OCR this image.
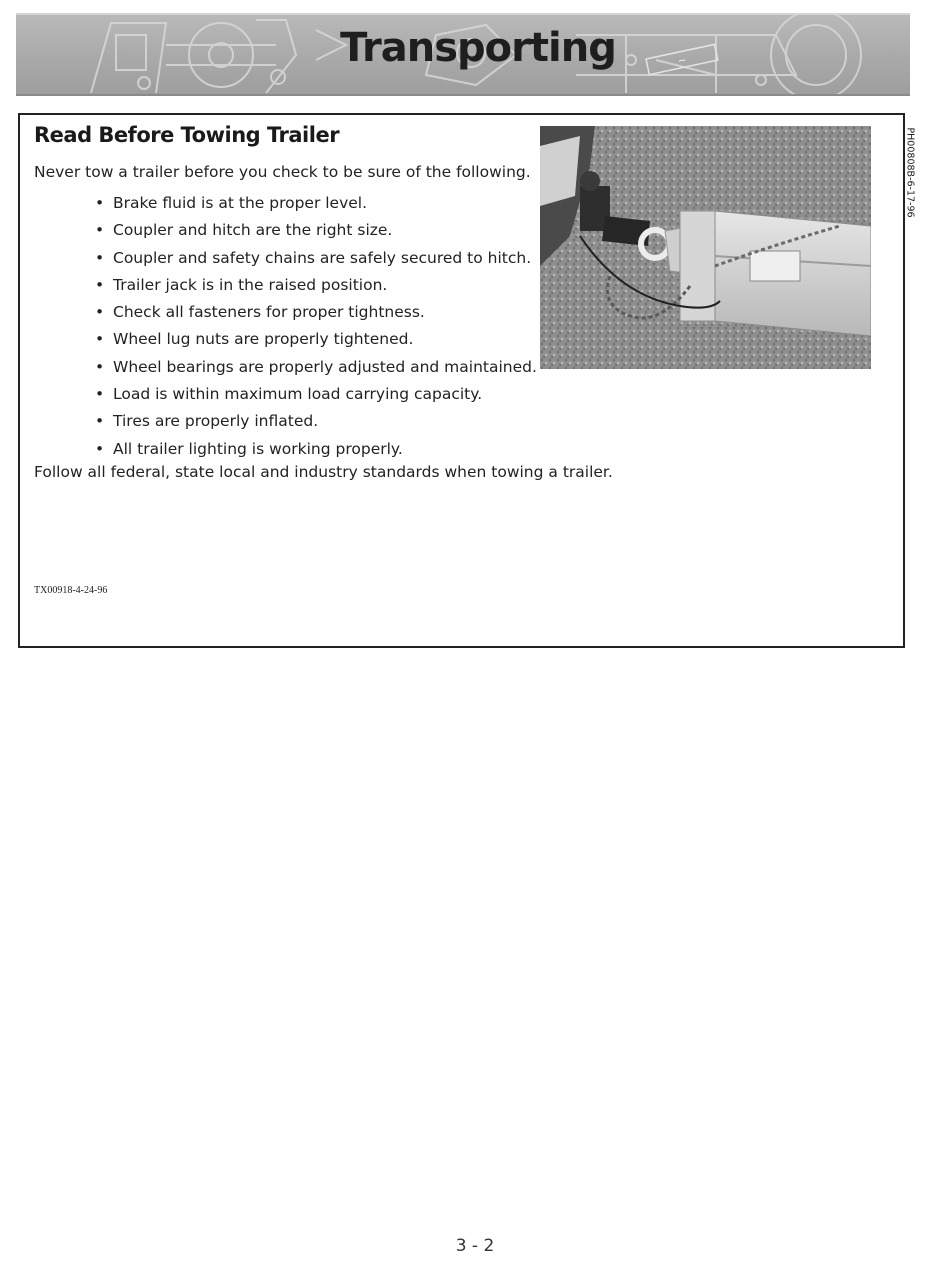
~
Transporting
Read Before Towing Trailer
Never tow a trailer before you check to be sure of the following.
• Brake fluid is at the proper level.
• Coupler and hitch are the right size.
• Coupler and safety chains are safely secured to hitch.
• Trailer jack is in the raised position.
• Check all fasteners for proper tightness.
• Wheel lug nuts are properly tightened.
• Wheel bearings are properly adjusted and maintained.
• Load is within maximum load carrying capacity.
• Tires are properly inflated.
• All trailer lighting is working properly.
Follow all federal, state local and industry standards when towing a trailer.
TX00918-4-24-96
PH00808B-6-17-96
3 - 2
